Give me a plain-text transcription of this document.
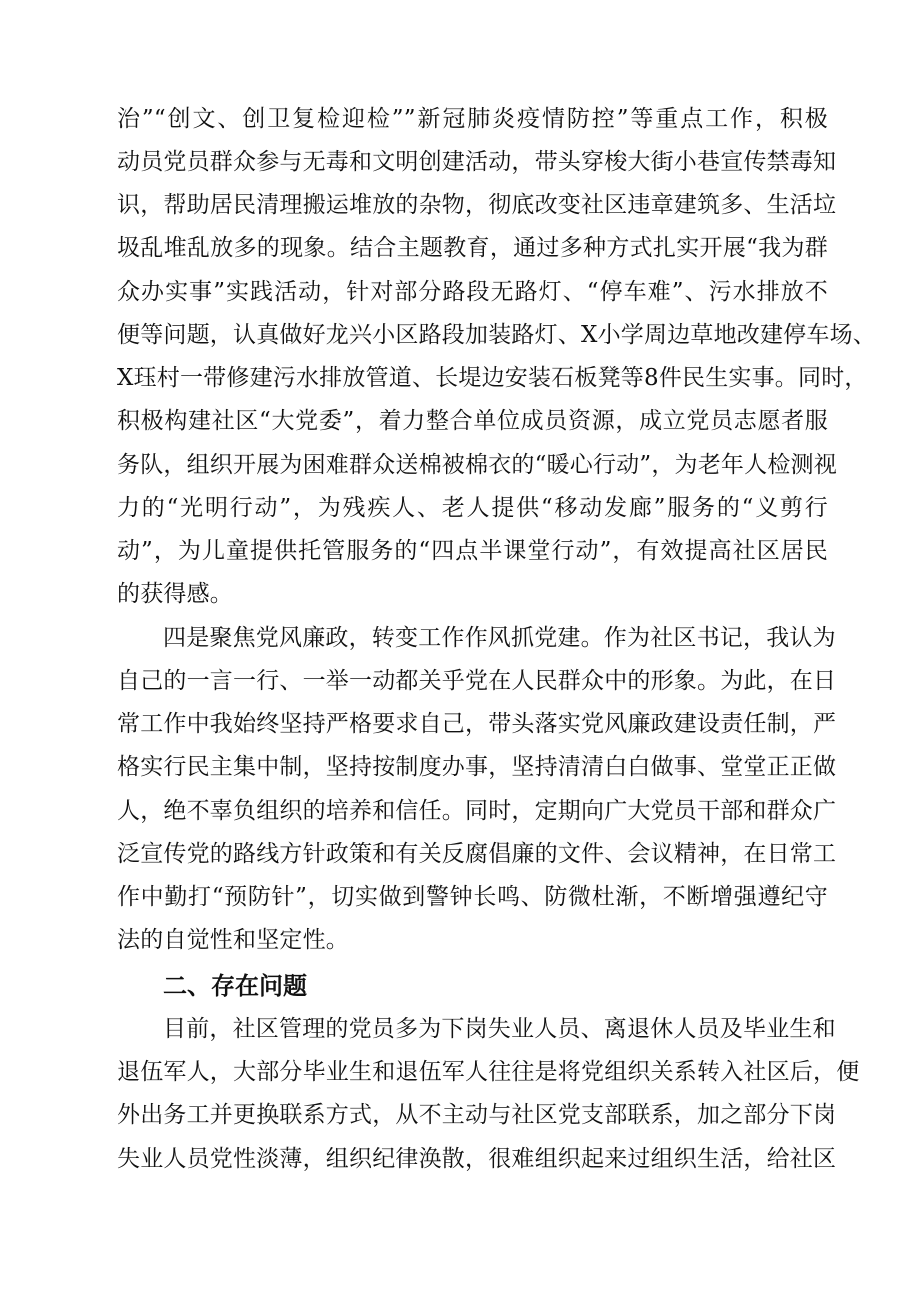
治”“创文、创卫复检迎检””新冠肺炎疫情防控”等重点工作，积极
动员党员群众参与无毒和文明创建活动，带头穿梭大街小巷宣传禁毒知
识，帮助居民清理搬运堆放的杂物，彻底改变社区违章建筑多、生活垃
圾乱堆乱放多的现象。结合主题教育，通过多种方式扎实开展“我为群
众办实事”实践活动，针对部分路段无路灯、“停车难”、污水排放不
便等问题，认真做好龙兴小区路段加装路灯、X小学周边草地改建停车场、
X珏村一带修建污水排放管道、长堤边安装石板凳等8件民生实事。同时，
积极构建社区“大党委”，着力整合单位成员资源，成立党员志愿者服
务队，组织开展为困难群众送棉被棉衣的“暖心行动”，为老年人检测视
力的“光明行动”，为残疾人、老人提供“移动发廊”服务的“义剪行
动”，为儿童提供托管服务的“四点半课堂行动”，有效提高社区居民
的获得感。
四是聚焦党风廉政，转变工作作风抓党建。作为社区书记，我认为
自己的一言一行、一举一动都关乎党在人民群众中的形象。为此，在日
常工作中我始终坚持严格要求自己，带头落实党风廉政建设责任制，严
格实行民主集中制，坚持按制度办事，坚持清清白白做事、堂堂正正做
人，绝不辜负组织的培养和信任。同时，定期向广大党员干部和群众广
泛宣传党的路线方针政策和有关反腐倡廉的文件、会议精神，在日常工
作中勤打“预防针”，切实做到警钟长鸣、防微杜渐，不断增强遵纪守
法的自觉性和坚定性。
二、存在问题
目前，社区管理的党员多为下岗失业人员、离退休人员及毕业生和
退伍军人，大部分毕业生和退伍军人往往是将党组织关系转入社区后，便
外出务工并更换联系方式，从不主动与社区党支部联系，加之部分下岗
失业人员党性淡薄，组织纪律涣散，很难组织起来过组织生活，给社区
